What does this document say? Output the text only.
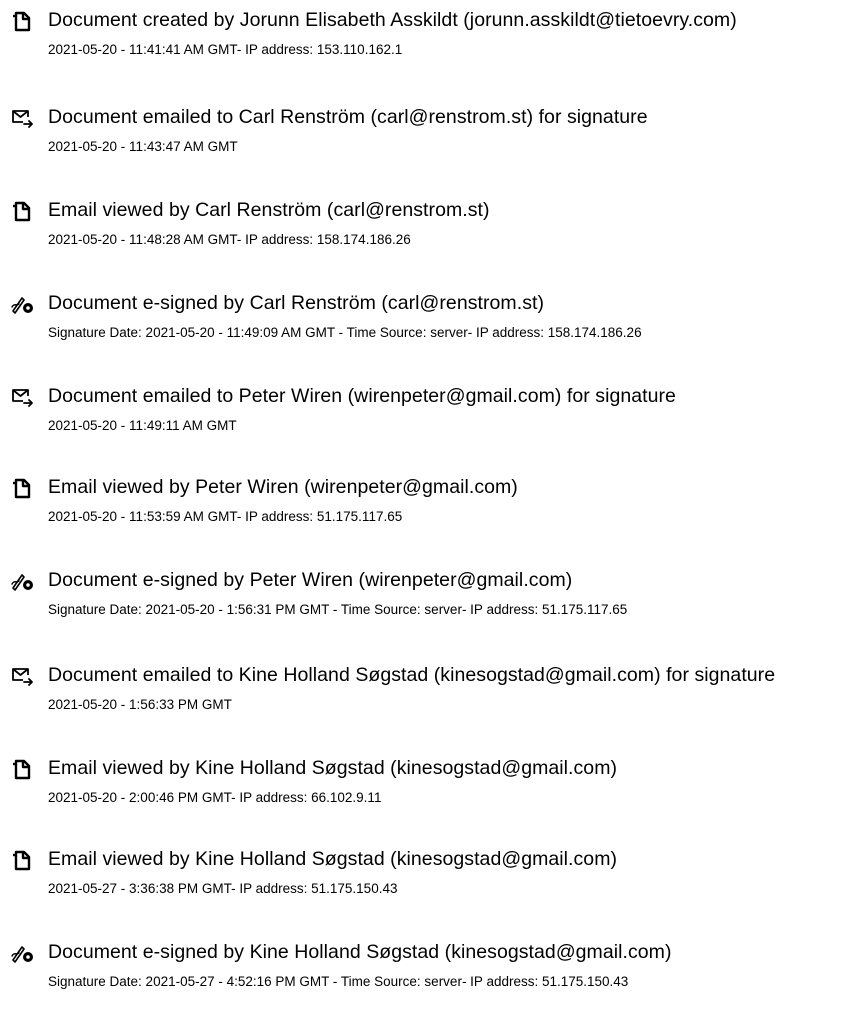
Document created by Jorunn Elisabeth Asskildt (jorunn.asskildt@tietoevry.com)
2021-05-20 - 11:41:41 AM GMT- IP address: 153.110.162.1
Document emailed to Carl Renström (carl@renstrom.st) for signature
2021-05-20 - 11:43:47 AM GMT
Email viewed by Carl Renström (carl@renstrom.st)
2021-05-20 - 11:48:28 AM GMT- IP address: 158.174.186.26
Document e-signed by Carl Renström (carl@renstrom.st)
Signature Date: 2021-05-20 - 11:49:09 AM GMT - Time Source: server- IP address: 158.174.186.26
Document emailed to Peter Wiren (wirenpeter@gmail.com) for signature
2021-05-20 - 11:49:11 AM GMT
Email viewed by Peter Wiren (wirenpeter@gmail.com)
2021-05-20 - 11:53:59 AM GMT- IP address: 51.175.117.65
Document e-signed by Peter Wiren (wirenpeter@gmail.com)
Signature Date: 2021-05-20 - 1:56:31 PM GMT - Time Source: server- IP address: 51.175.117.65
Document emailed to Kine Holland Søgstad (kinesogstad@gmail.com) for signature
2021-05-20 - 1:56:33 PM GMT
Email viewed by Kine Holland Søgstad (kinesogstad@gmail.com)
2021-05-20 - 2:00:46 PM GMT- IP address: 66.102.9.11
Email viewed by Kine Holland Søgstad (kinesogstad@gmail.com)
2021-05-27 - 3:36:38 PM GMT- IP address: 51.175.150.43
Document e-signed by Kine Holland Søgstad (kinesogstad@gmail.com)
Signature Date: 2021-05-27 - 4:52:16 PM GMT - Time Source: server- IP address: 51.175.150.43
